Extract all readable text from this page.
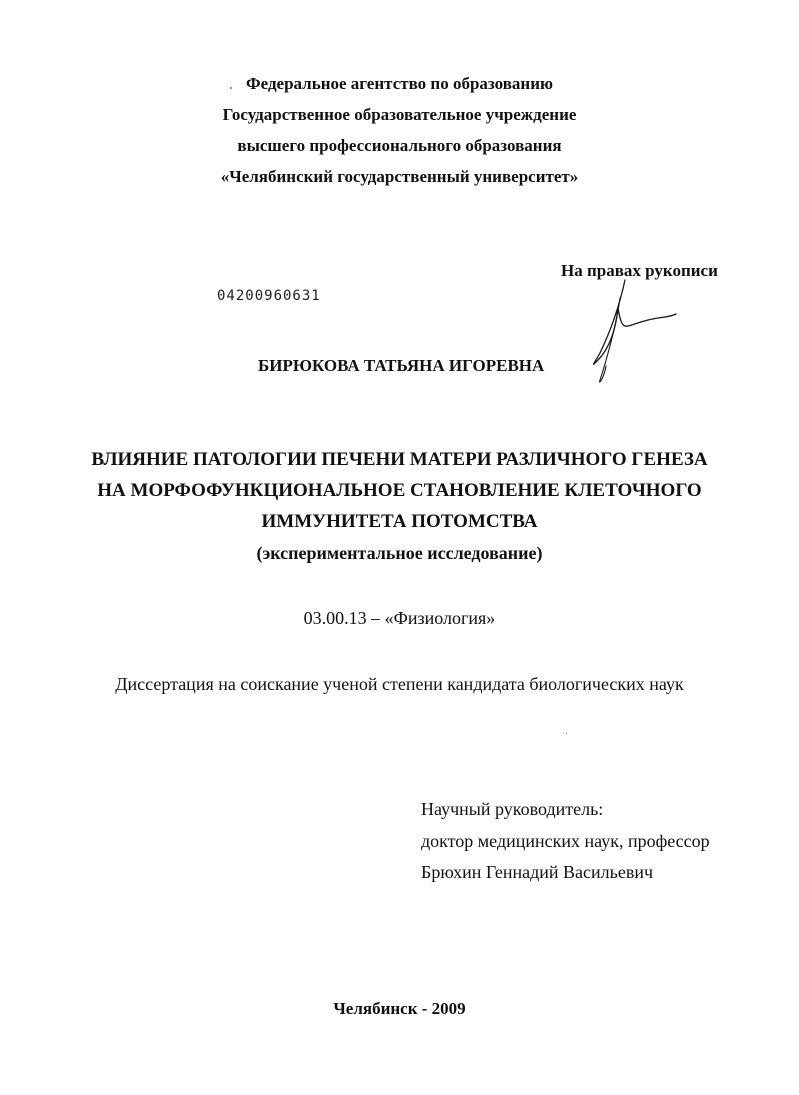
Федеральное агентство по образованию
Государственное образовательное учреждение
высшего профессионального образования
«Челябинский государственный университет»
На правах рукописи
04200960631
БИРЮКОВА ТАТЬЯНА ИГОРЕВНА
ВЛИЯНИЕ ПАТОЛОГИИ ПЕЧЕНИ МАТЕРИ РАЗЛИЧНОГО ГЕНЕЗА
НА МОРФОФУНКЦИОНАЛЬНОЕ СТАНОВЛЕНИЕ КЛЕТОЧНОГО
ИММУНИТЕТА ПОТОМСТВА
(экспериментальное исследование)
03.00.13 – «Физиология»
Диссертация на соискание ученой степени кандидата биологических наук
Научный руководитель:
доктор медицинских наук, профессор
Брюхин Геннадий Васильевич
Челябинск - 2009
